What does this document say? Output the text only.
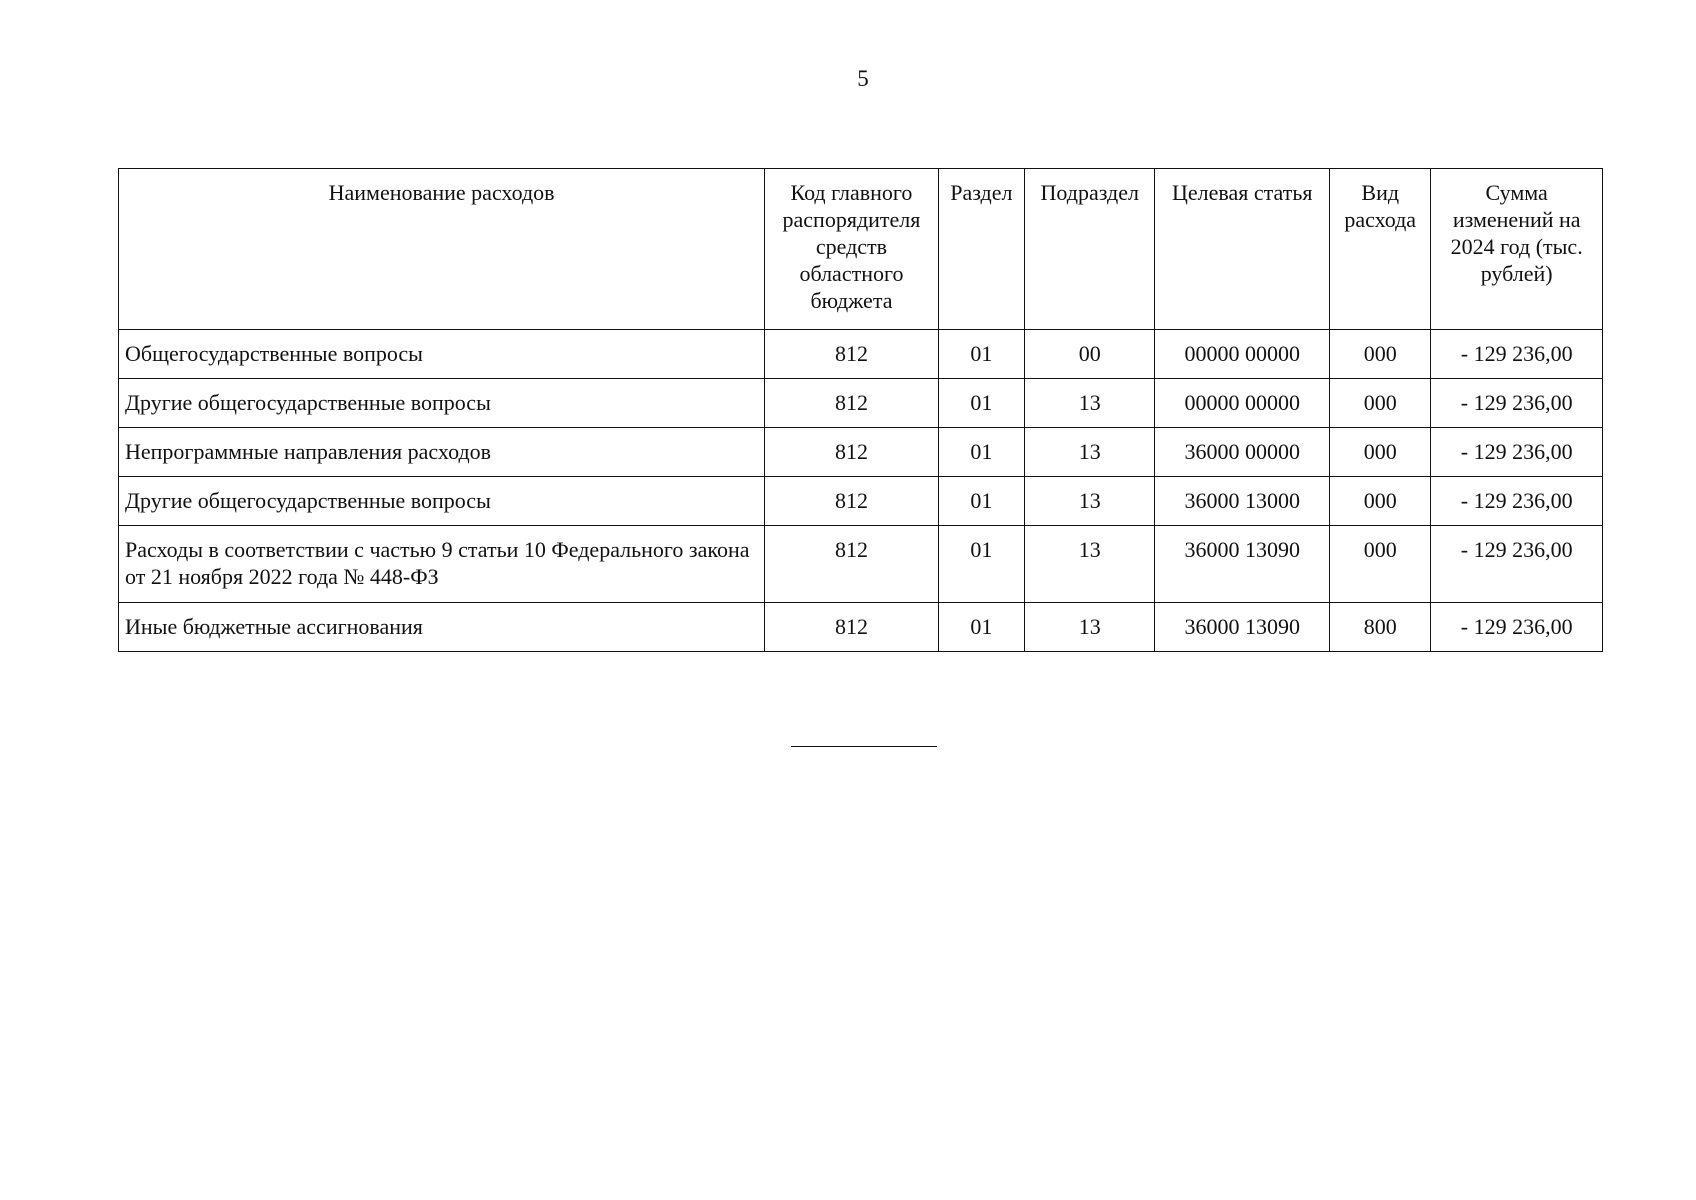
5
Наименование расходов	Код главного распорядителя средств областного бюджета	Раздел	Подраздел	Целевая статья	Вид расхода	Сумма изменений на 2024 год (тыс. рублей)
Общегосударственные вопросы	812	01	00	00000 00000	000	- 129 236,00
Другие общегосударственные вопросы	812	01	13	00000 00000	000	- 129 236,00
Непрограммные направления расходов	812	01	13	36000 00000	000	- 129 236,00
Другие общегосударственные вопросы	812	01	13	36000 13000	000	- 129 236,00
Расходы в соответствии с частью 9 статьи 10 Федерального закона от 21 ноября 2022 года № 448-ФЗ	812	01	13	36000 13090	000	- 129 236,00
Иные бюджетные ассигнования	812	01	13	36000 13090	800	- 129 236,00
